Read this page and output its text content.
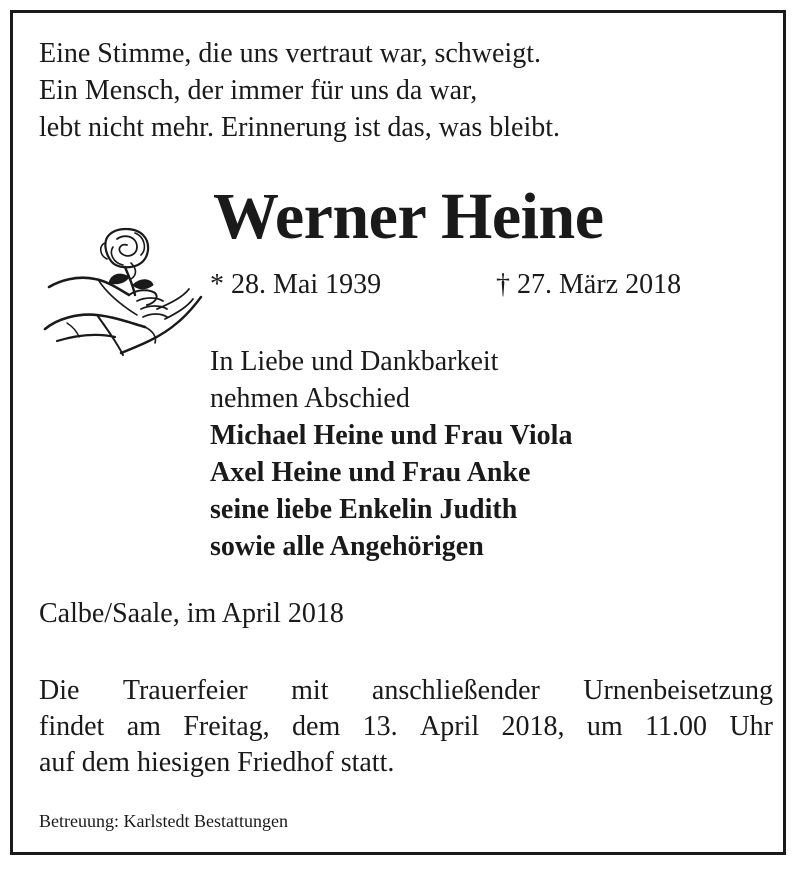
Eine Stimme, die uns vertraut war, schweigt.
Ein Mensch, der immer für uns da war,
lebt nicht mehr. Erinnerung ist das, was bleibt.
Werner Heine
* 28. Mai 1939	† 27. März 2018
In Liebe und Dankbarkeit
nehmen Abschied
Michael Heine und Frau Viola
Axel Heine und Frau Anke
seine liebe Enkelin Judith
sowie alle Angehörigen
Calbe/Saale, im April 2018
Die Trauerfeier mit anschließender Urnenbeisetzung
findet am Freitag, dem 13. April 2018, um 11.00 Uhr
auf dem hiesigen Friedhof statt.
Betreuung: Karlstedt Bestattungen
